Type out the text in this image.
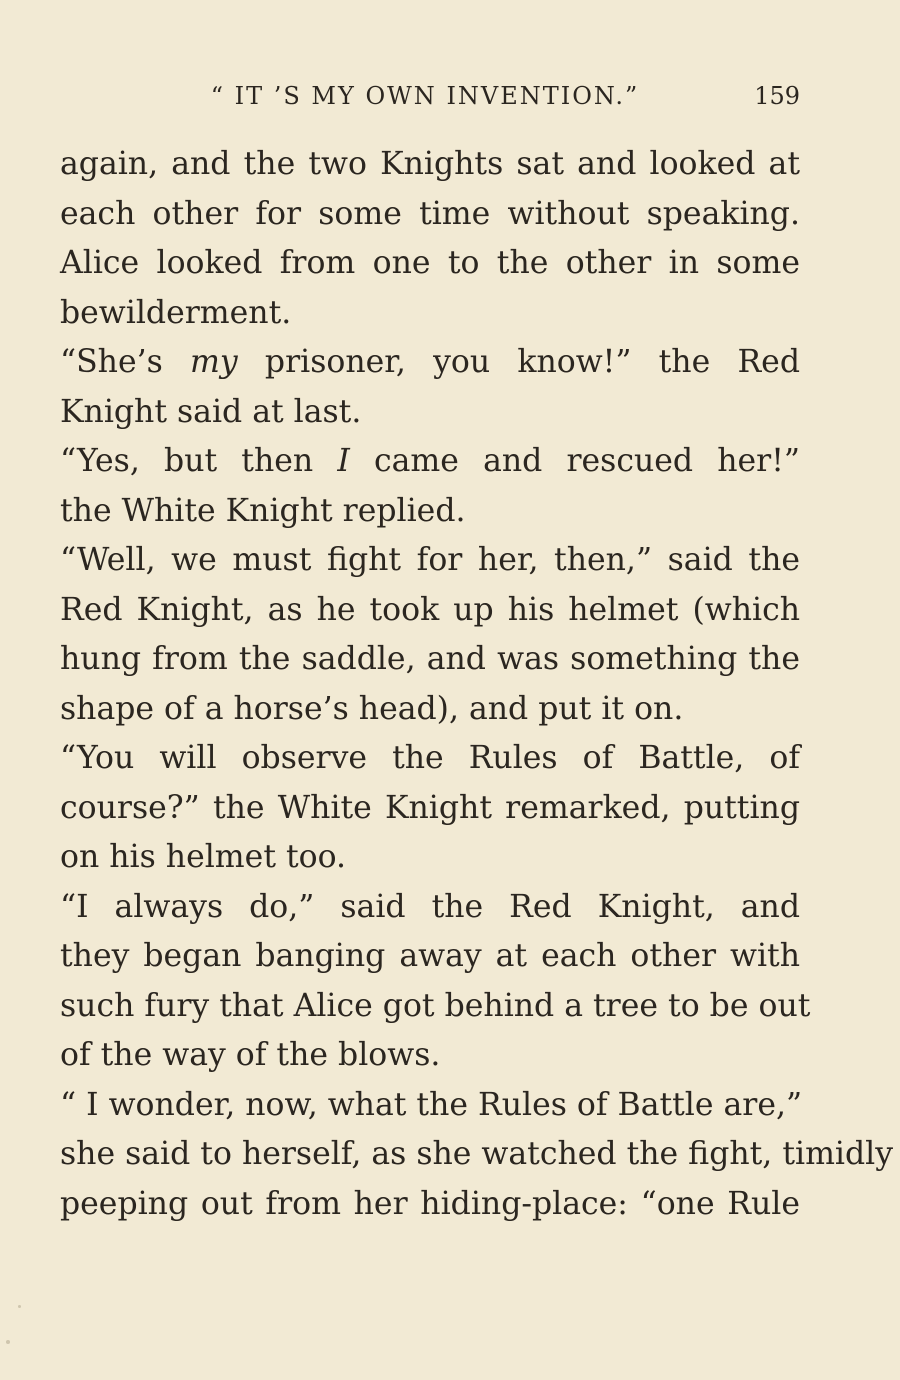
“ IT ’S MY OWN INVENTION.”	159
again, and the two Knights sat and looked at
each other for some time without speaking.
Alice looked from one to the other in some
bewilderment.
“She’s my prisoner, you know!” the Red
Knight said at last.
“Yes, but then I came and rescued her!”
the White Knight replied.
“Well, we must fight for her, then,” said the
Red Knight, as he took up his helmet (which
hung from the saddle, and was something the
shape of a horse’s head), and put it on.
“You will observe the Rules of Battle, of
course?” the White Knight remarked, putting
on his helmet too.
“I always do,” said the Red Knight, and
they began banging away at each other with
such fury that Alice got behind a tree to be out
of the way of the blows.
“ I wonder, now, what the Rules of Battle are,”
she said to herself, as she watched the fight, timidly
peeping out from her hiding-place: “one Rule
